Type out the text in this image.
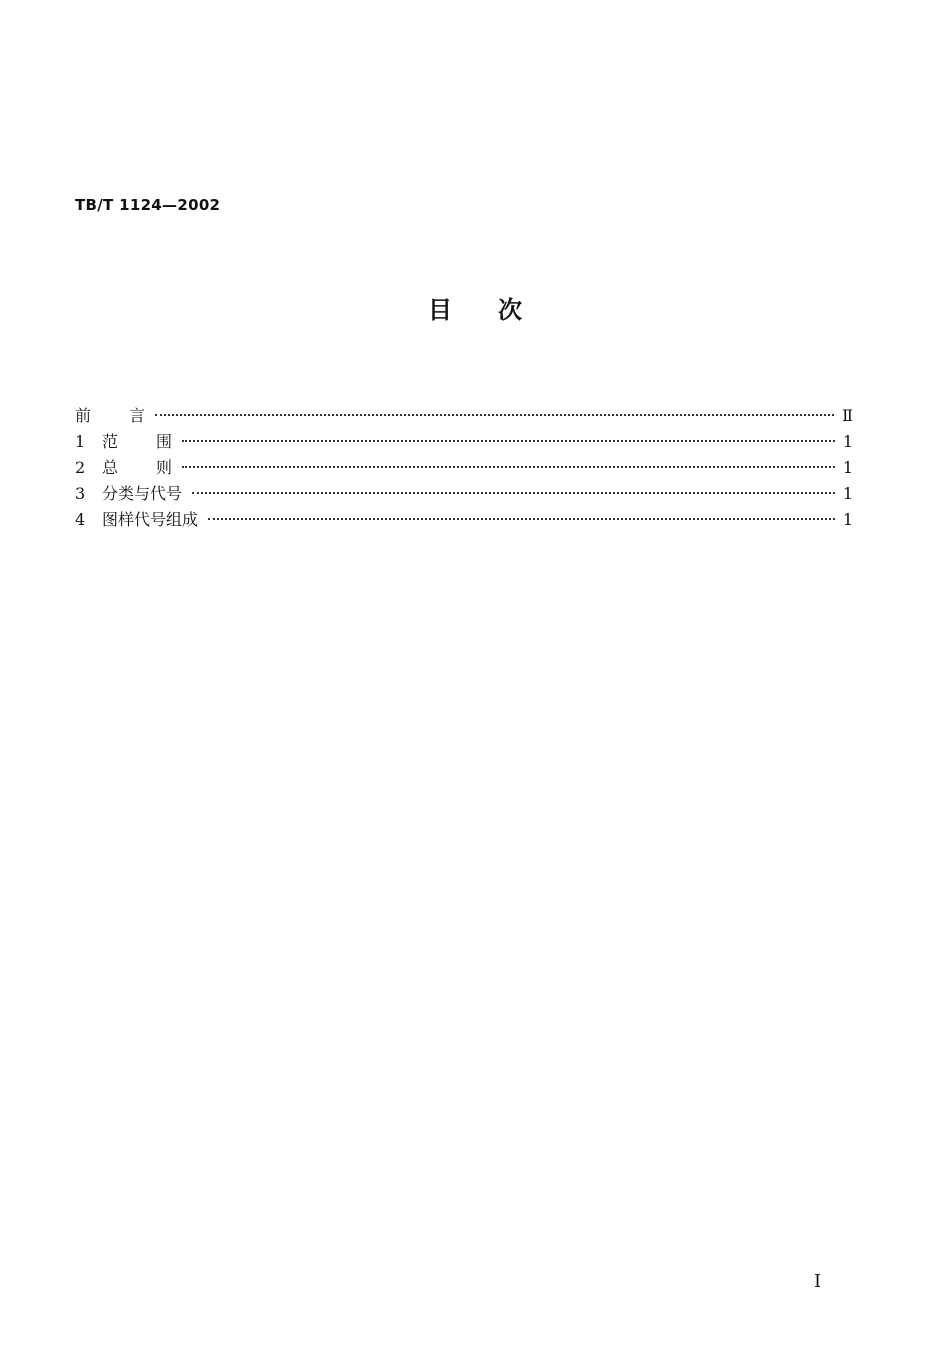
TB/T 1124—2002
目 次
前 言	Ⅱ
1	范 围	1
2	总 则	1
3	分类与代号	1
4	图样代号组成	1
I
